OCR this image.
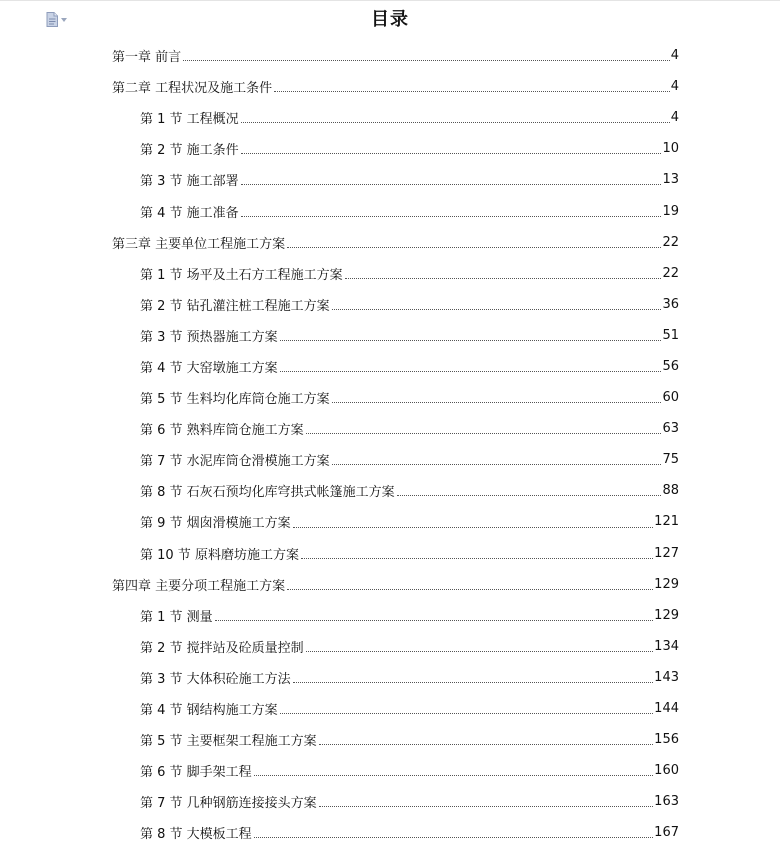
目录
第一章 前言	4
第二章 工程状况及施工条件	4
第 1 节 工程概况	4
第 2 节 施工条件	10
第 3 节 施工部署	13
第 4 节 施工准备	19
第三章 主要单位工程施工方案	22
第 1 节 场平及土石方工程施工方案	22
第 2 节 钻孔灌注桩工程施工方案	36
第 3 节 预热器施工方案	51
第 4 节 大窑墩施工方案	56
第 5 节 生料均化库筒仓施工方案	60
第 6 节 熟料库筒仓施工方案	63
第 7 节 水泥库筒仓滑模施工方案	75
第 8 节 石灰石预均化库穹拱式帐篷施工方案	88
第 9 节 烟囱滑模施工方案	121
第 10 节 原料磨坊施工方案	127
第四章 主要分项工程施工方案	129
第 1 节 测量	129
第 2 节 搅拌站及砼质量控制	134
第 3 节 大体积砼施工方法	143
第 4 节 钢结构施工方案	144
第 5 节 主要框架工程施工方案	156
第 6 节 脚手架工程	160
第 7 节 几种钢筋连接接头方案	163
第 8 节 大模板工程	167
